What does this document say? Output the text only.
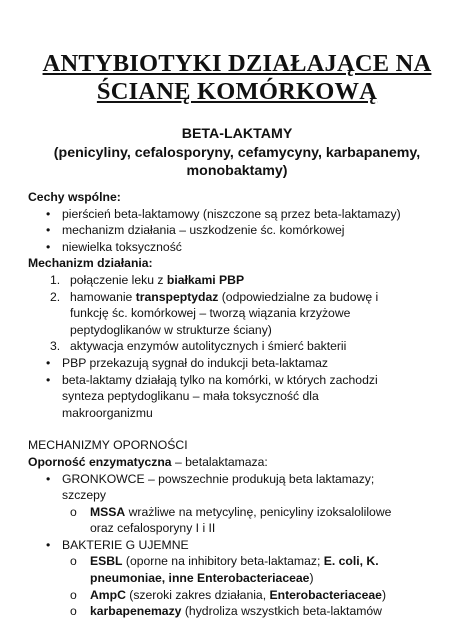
ANTYBIOTYKI DZIAŁAJĄCE NA
ŚCIANĘ KOMÓRKOWĄ
BETA-LAKTAMY
(penicyliny, cefalosporyny, cefamycyny, karbapanemy,
monobaktamy)
Cechy wspólne:
• pierścień beta-laktamowy (niszczone są przez beta-laktamazy)
• mechanizm działania – uszkodzenie śc. komórkowej
• niewielka toksyczność
Mechanizm działania:
1. połączenie leku z białkami PBP
2. hamowanie transpeptydaz (odpowiedzialne za budowę i
funkcję śc. komórkowej – tworzą wiązania krzyżowe
peptydoglikanów w strukturze ściany)
3. aktywacja enzymów autolitycznych i śmierć bakterii
• PBP przekazują sygnał do indukcji beta-laktamaz
• beta-laktamy działają tylko na komórki, w których zachodzi
synteza peptydoglikanu – mała toksyczność dla
makroorganizmu
MECHANIZMY OPORNOŚCI
Oporność enzymatyczna – betalaktamaza:
• GRONKOWCE – powszechnie produkują beta laktamazy;
szczepy
o MSSA wrażliwe na metycylinę, penicyliny izoksalolilowe
oraz cefalosporyny I i II
• BAKTERIE G UJEMNE
o ESBL (oporne na inhibitory beta-laktamaz; E. coli, K.
pneumoniae, inne Enterobacteriaceae)
o AmpC (szeroki zakres działania, Enterobacteriaceae)
o karbapenemazy (hydroliza wszystkich beta-laktamów
